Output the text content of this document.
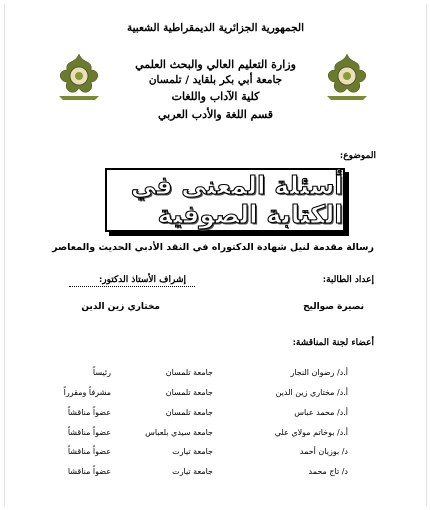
الجمهورية الجزائرية الديمقراطية الشعبية
وزارة التعليم العالي والبحث العلمي
جامعة أبي بكر بلقايد / تلمسان
كلية الآداب واللغات
قسم اللغة والأدب العربي
الموضوع:
أسئلة المعنى في الكتابة الصوفية
رسالة مقدمة لنيل شهادة الدكتوراه في النقد الأدبي الحديث والمعاصر
إعداد الطالبة:
إشراف الأستاذ الدكتور:
نصيرة صواليح
مختاري زين الدين
أعضاء لجنة المناقشة:
أ.د/ رضوان النجار
جامعة تلمسان
رئيساً
أ.د/ مختاري زين الدين
جامعة تلمسان
مشرفاً ومقرراً
أ.د/ محمد عباس
جامعة تلمسان
عضواً مناقشاً
أ.د/ بوخاتم مولاي علي
جامعة سيدي بلعباس
عضواً مناقشاً
د/ بوزيان أحمد
جامعة تيارت
عضواً مناقشاً
د/ تاج محمد
جامعة تيارت
عضواً مناقشا
